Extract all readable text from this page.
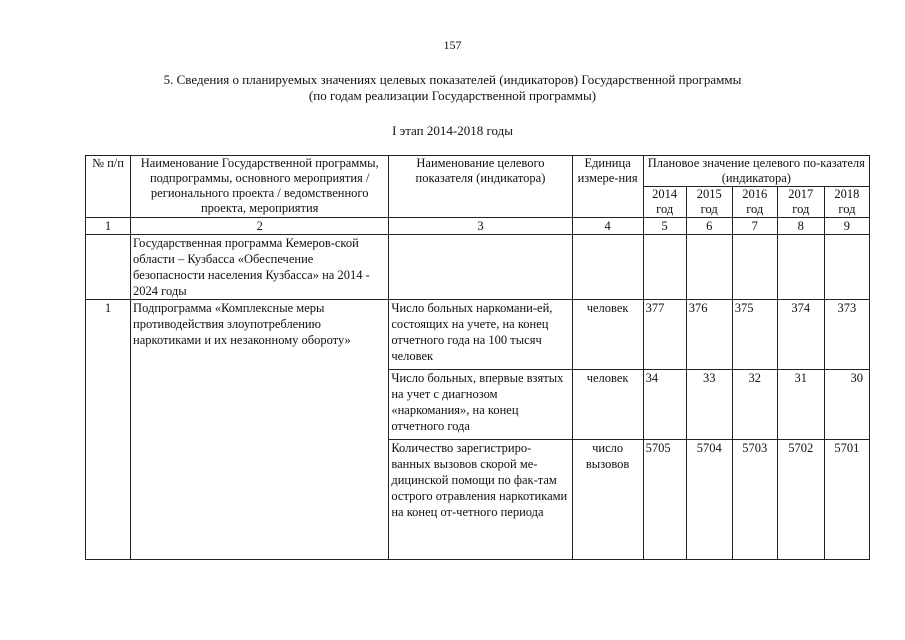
157
5. Сведения о планируемых значениях целевых показателей (индикаторов) Государственной программы
(по годам реализации Государственной программы)
I этап 2014-2018 годы
№ п/п	Наименование Государственной программы, подпрограммы, основного мероприятия / регионального проекта / ведомственного проекта, мероприятия	Наименование целевого показателя (индикатора)	Единица измере-ния	Плановое значение целевого по-казателя (индикатора)				
				2014 год	2015 год	2016 год	2017 год	2018 год
1	2	3	4	5	6	7	8	9
	Государственная программа Кемеров-ской области – Кузбасса «Обеспечение безопасности населения Кузбасса» на 2014 - 2024 годы							
1	Подпрограмма «Комплексные меры противодействия злоупотреблению наркотиками и их незаконному обороту»	Число больных наркомани-ей, состоящих на учете, на конец отчетного года на 100 тысяч человек	человек	377	376	375	374	373
		Число больных, впервые взятых на учет с диагнозом «наркомания», на конец отчетного года	человек	34	33	32	31	30
		Количество зарегистриро-ванных вызовов скорой ме-дицинской помощи по фак-там острого отравления наркотиками на конец от-четного периода	число вызовов	5705	5704	5703	5702	5701
